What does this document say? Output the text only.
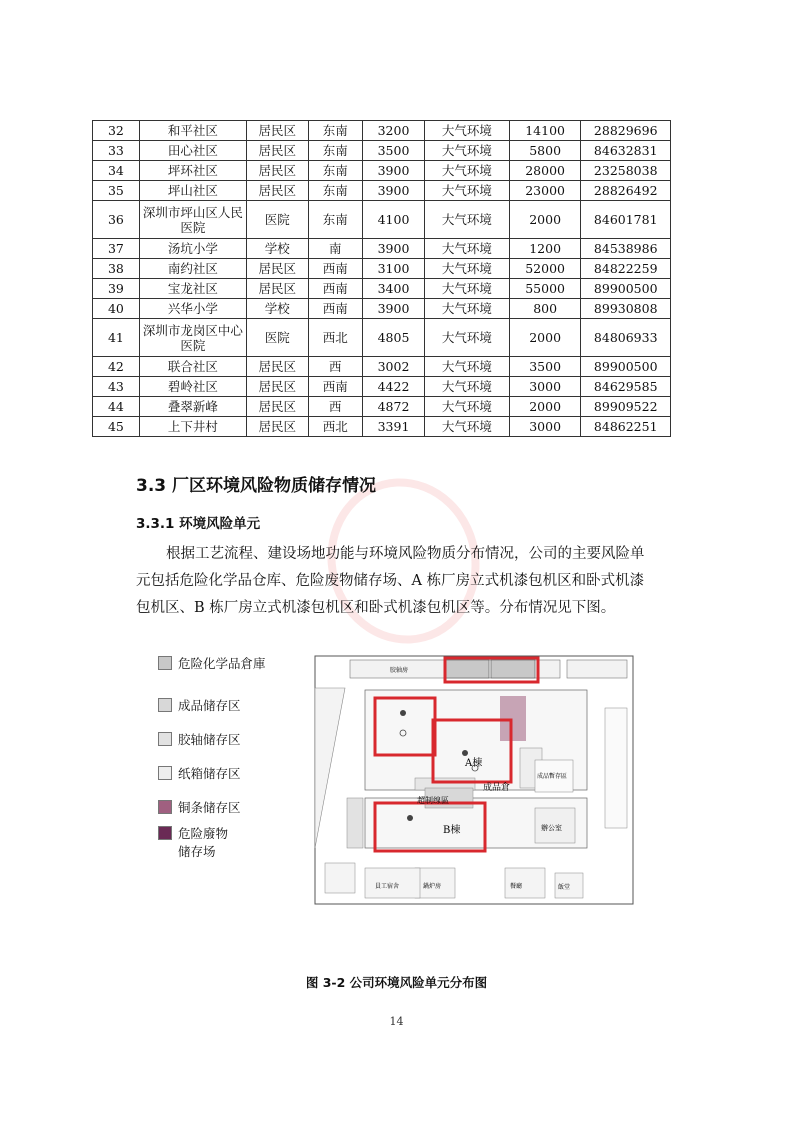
32	和平社区	居民区	东南	3200	大气环境	14100	28829696
33	田心社区	居民区	东南	3500	大气环境	5800	84632831
34	坪环社区	居民区	东南	3900	大气环境	28000	23258038
35	坪山社区	居民区	东南	3900	大气环境	23000	28826492
36	深圳市坪山区人民医院	医院	东南	4100	大气环境	2000	84601781
37	汤坑小学	学校	南	3900	大气环境	1200	84538986
38	南约社区	居民区	西南	3100	大气环境	52000	84822259
39	宝龙社区	居民区	西南	3400	大气环境	55000	89900500
40	兴华小学	学校	西南	3900	大气环境	800	89930808
41	深圳市龙岗区中心医院	医院	西北	4805	大气环境	2000	84806933
42	联合社区	居民区	西	3002	大气环境	3500	89900500
43	碧岭社区	居民区	西南	4422	大气环境	3000	84629585
44	叠翠新峰	居民区	西	4872	大气环境	2000	89909522
45	上下井村	居民区	西北	3391	大气环境	3000	84862251
3.3 厂区环境风险物质储存情况
3.3.1 环境风险单元
根据工艺流程、建设场地功能与环境风险物质分布情况，公司的主要风险单
元包括危险化学品仓库、危险废物储存场、A 栋厂房立式机漆包机区和卧式机漆
包机区、B 栋厂房立式机漆包机区和卧式机漆包机区等。分布情况见下图。
危险化学品倉庫
成品储存区
胶轴储存区
纸箱储存区
铜条储存区
危险廢物储存场
A棟
B棟
成品倉
超制缐區
成品暫存區
辦公室
胶轴房
員工宿舍	餐廳	飯堂
鍋炉房
图 3-2 公司环境风险单元分布图
14
